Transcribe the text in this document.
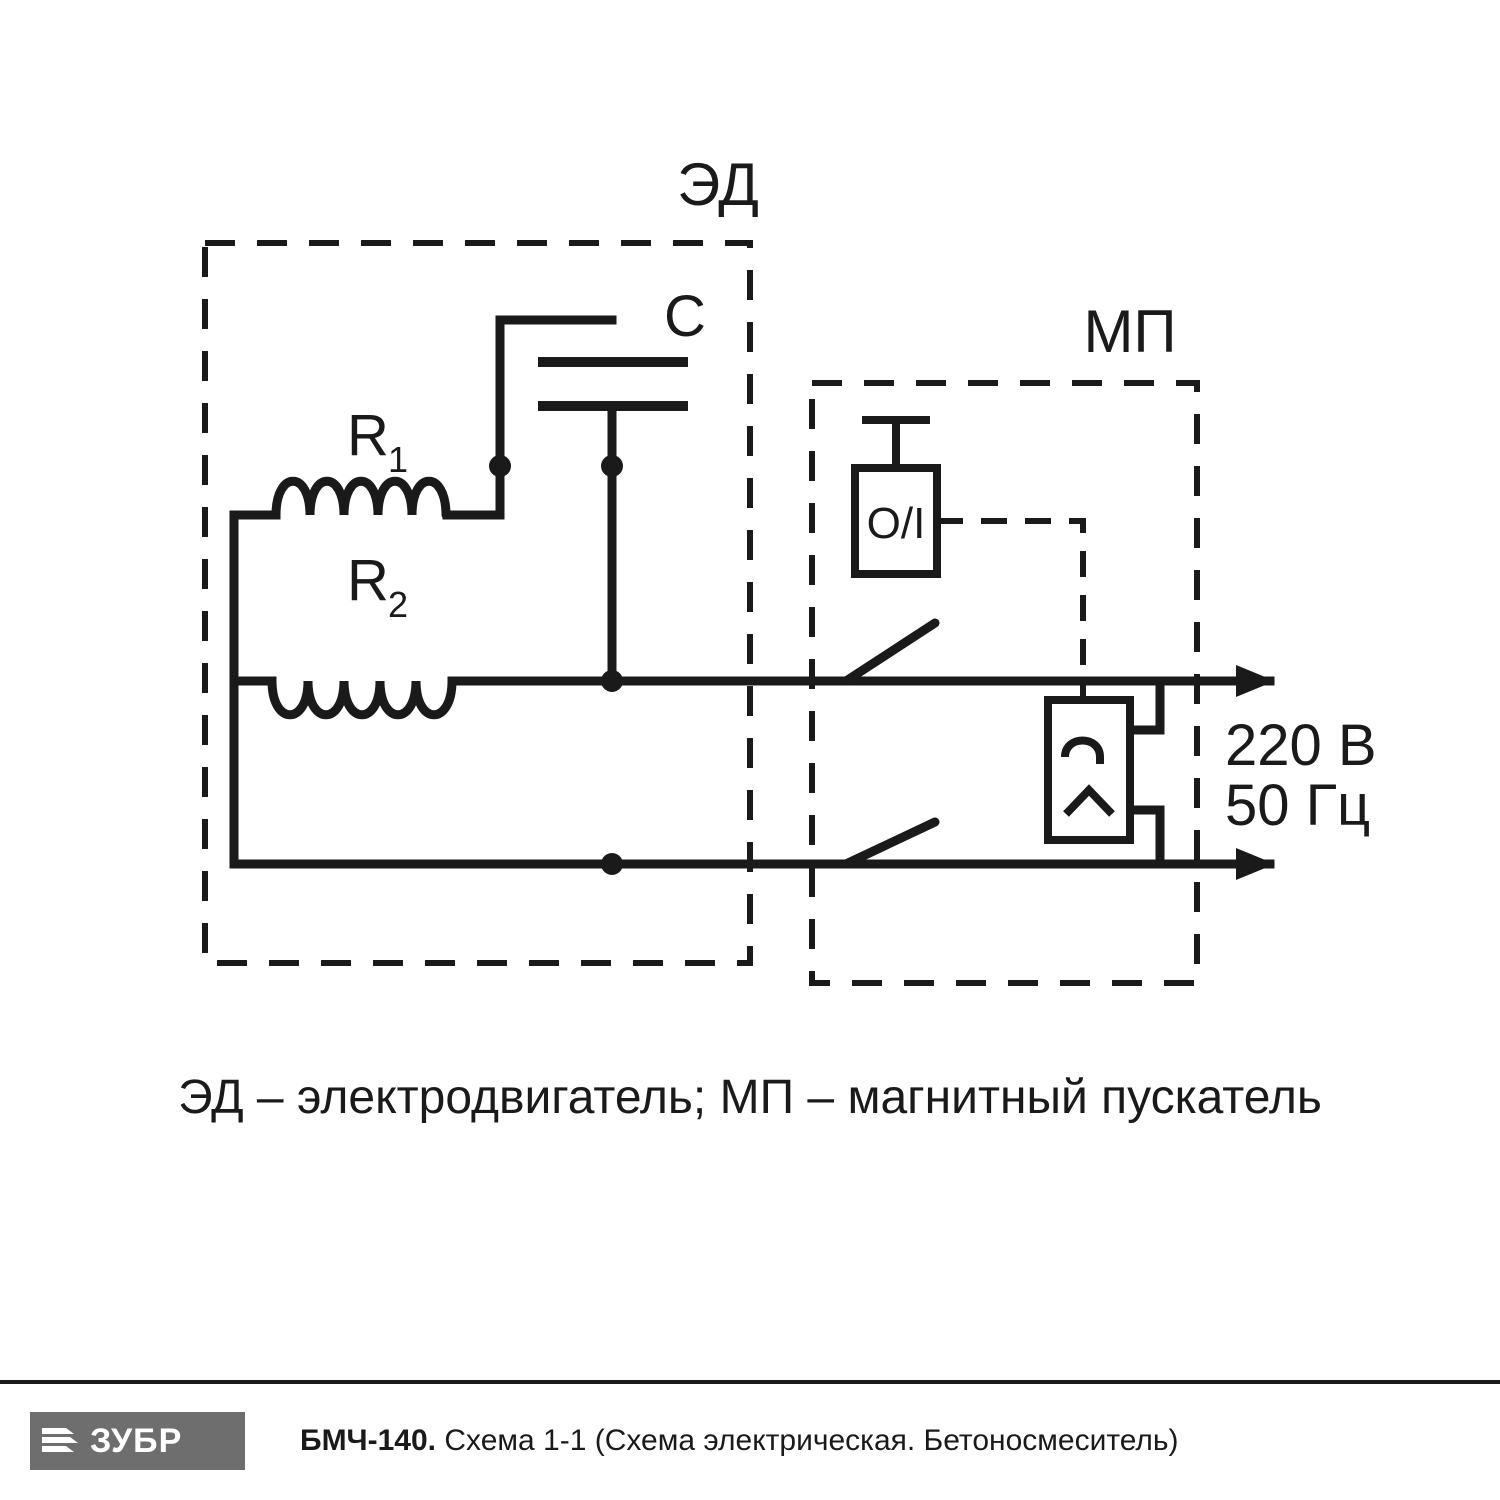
O/I
ЭД
МП
C
R 1
R 2
220 В
50 Гц
ЭД – электродвигатель; МП – магнитный пускатель
ЗУБР	БМЧ-140. Схема 1-1 (Схема электрическая. Бетоносмеситель)
